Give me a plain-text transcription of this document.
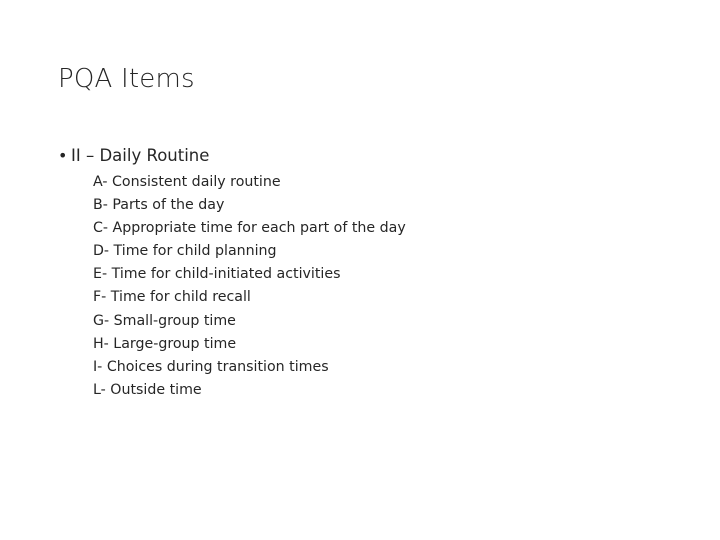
PQA Items
• II – Daily Routine
A- Consistent daily routine
B- Parts of the day
C- Appropriate time for each part of the day
D- Time for child planning
E- Time for child-initiated activities
F- Time for child recall
G- Small-group time
H- Large-group time
I- Choices during transition times
L- Outside time
